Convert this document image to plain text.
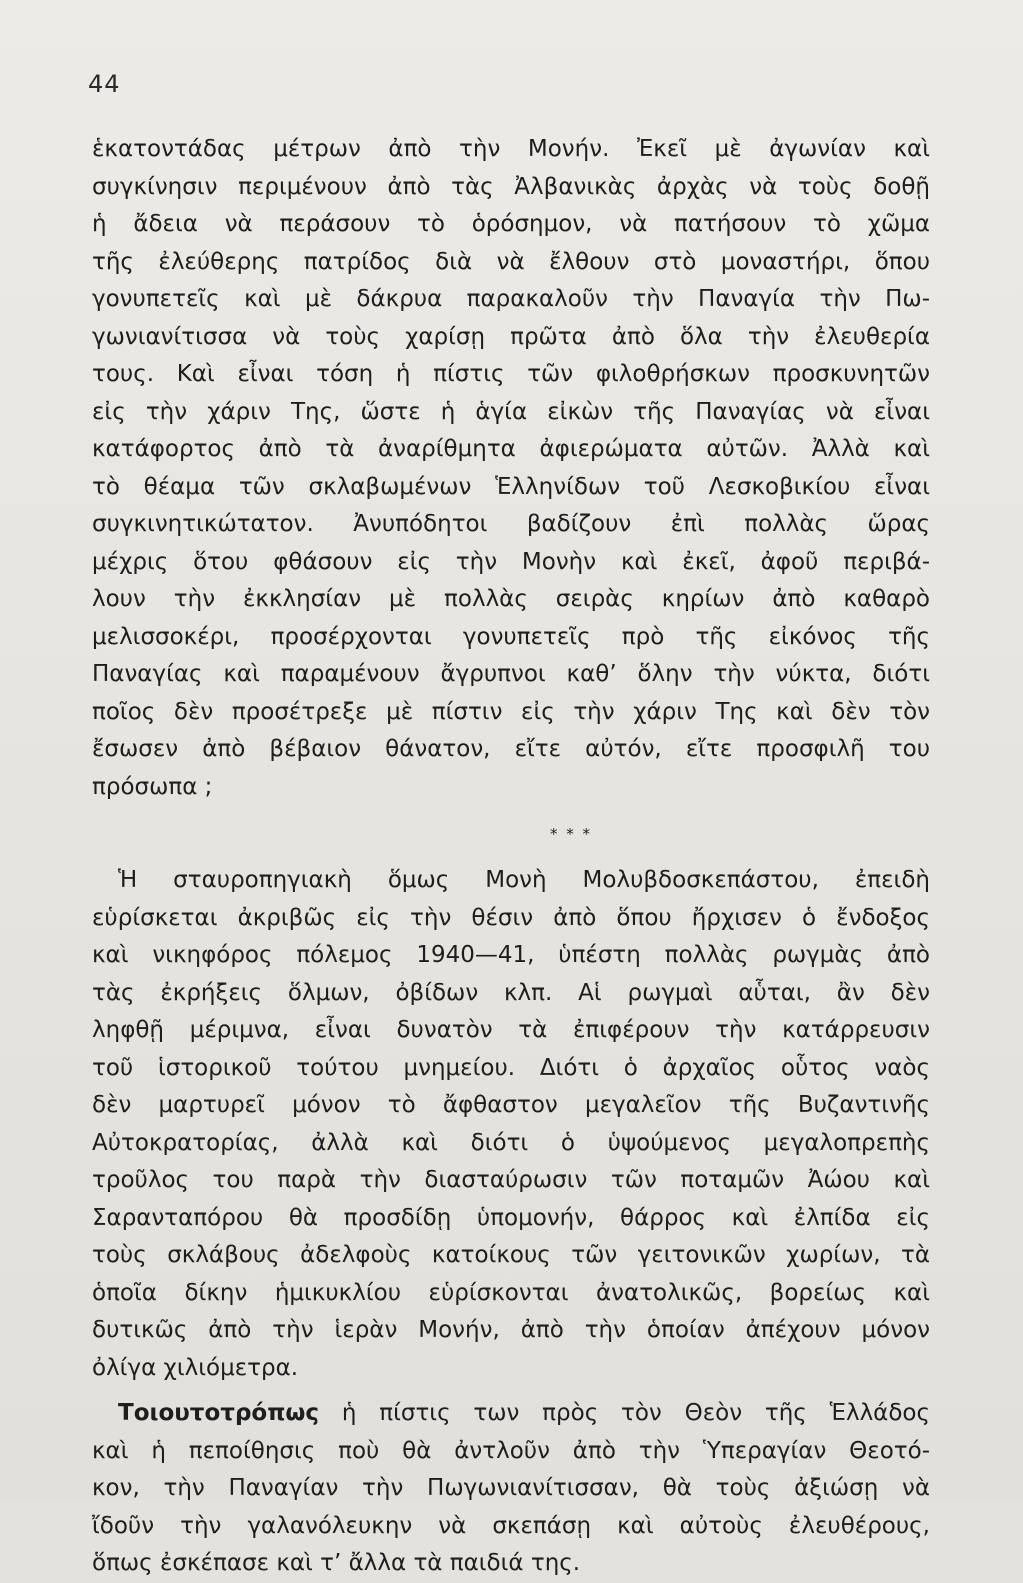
44
ἑκατοντάδας μέτρων ἀπὸ τὴν Μονήν. Ἐκεῖ μὲ ἀγωνίαν καὶ
συγκίνησιν περιμένουν ἀπὸ τὰς Ἀλβανικὰς ἀρχὰς νὰ τοὺς δοθῇ
ἡ ἄδεια νὰ περάσουν τὸ ὁρόσημον, νὰ πατήσουν τὸ χῶμα
τῆς ἐλεύθερης πατρίδος διὰ νὰ ἔλθουν στὸ μοναστήρι, ὅπου
γονυπετεῖς καὶ μὲ δάκρυα παρακαλοῦν τὴν Παναγία τὴν Πω-
γωνιανίτισσα νὰ τοὺς χαρίσῃ πρῶτα ἀπὸ ὅλα τὴν ἐλευθερία
τους. Καὶ εἶναι τόση ἡ πίστις τῶν φιλοθρήσκων προσκυνητῶν
εἰς τὴν χάριν Της, ὥστε ἡ ἁγία εἰκὼν τῆς Παναγίας νὰ εἶναι
κατάφορτος ἀπὸ τὰ ἀναρίθμητα ἀφιερώματα αὐτῶν. Ἀλλὰ καὶ
τὸ θέαμα τῶν σκλαβωμένων Ἑλληνίδων τοῦ Λεσκοβικίου εἶναι
συγκινητικώτατον. Ἀνυπόδητοι βαδίζουν ἐπὶ πολλὰς ὥρας
μέχρις ὅτου φθάσουν εἰς τὴν Μονὴν καὶ ἐκεῖ, ἀφοῦ περιβά-
λουν τὴν ἐκκλησίαν μὲ πολλὰς σειρὰς κηρίων ἀπὸ καθαρὸ
μελισσοκέρι, προσέρχονται γονυπετεῖς πρὸ τῆς εἰκόνος τῆς
Παναγίας καὶ παραμένουν ἄγρυπνοι καθ’ ὅλην τὴν νύκτα, διότι
ποῖος δὲν προσέτρεξε μὲ πίστιν εἰς τὴν χάριν Της καὶ δὲν τὸν
ἔσωσεν ἀπὸ βέβαιον θάνατον, εἴτε αὐτόν, εἴτε προσφιλῆ του
πρόσωπα ;
* * *
Ἡ σταυροπηγιακὴ ὅμως Μονὴ Μολυβδοσκεπάστου, ἐπειδὴ
εὑρίσκεται ἀκριβῶς εἰς τὴν θέσιν ἀπὸ ὅπου ἤρχισεν ὁ ἔνδοξος
καὶ νικηφόρος πόλεμος 1940—41, ὑπέστη πολλὰς ρωγμὰς ἀπὸ
τὰς ἐκρήξεις ὅλμων, ὀβίδων κλπ. Αἱ ρωγμαὶ αὗται, ἂν δὲν
ληφθῇ μέριμνα, εἶναι δυνατὸν τὰ ἐπιφέρουν τὴν κατάρρευσιν
τοῦ ἱστορικοῦ τούτου μνημείου. Διότι ὁ ἀρχαῖος οὗτος ναὸς
δὲν μαρτυρεῖ μόνον τὸ ἄφθαστον μεγαλεῖον τῆς Βυζαντινῆς
Αὐτοκρατορίας, ἀλλὰ καὶ διότι ὁ ὑψούμενος μεγαλοπρεπὴς
τροῦλος του παρὰ τὴν διασταύρωσιν τῶν ποταμῶν Ἀώου καὶ
Σαρανταπόρου θὰ προσδίδῃ ὑπομονήν, θάρρος καὶ ἐλπίδα εἰς
τοὺς σκλάβους ἀδελφοὺς κατοίκους τῶν γειτονικῶν χωρίων, τὰ
ὁποῖα δίκην ἡμικυκλίου εὑρίσκονται ἀνατολικῶς, βορείως καὶ
δυτικῶς ἀπὸ τὴν ἱερὰν Μονήν, ἀπὸ τὴν ὁποίαν ἀπέχουν μόνον
ὀλίγα χιλιόμετρα.
Τοιουτοτρόπως ἡ πίστις των πρὸς τὸν Θεὸν τῆς Ἑλλάδος
καὶ ἡ πεποίθησις ποὺ θὰ ἀντλοῦν ἀπὸ τὴν Ὑπεραγίαν Θεοτό-
κον, τὴν Παναγίαν τὴν Πωγωνιανίτισσαν, θὰ τοὺς ἀξιώσῃ νὰ
ἴδοῦν τὴν γαλανόλευκην νὰ σκεπάσῃ καὶ αὐτοὺς ἐλευθέρους,
ὅπως ἐσκέπασε καὶ τ’ ἄλλα τὰ παιδιά της.
